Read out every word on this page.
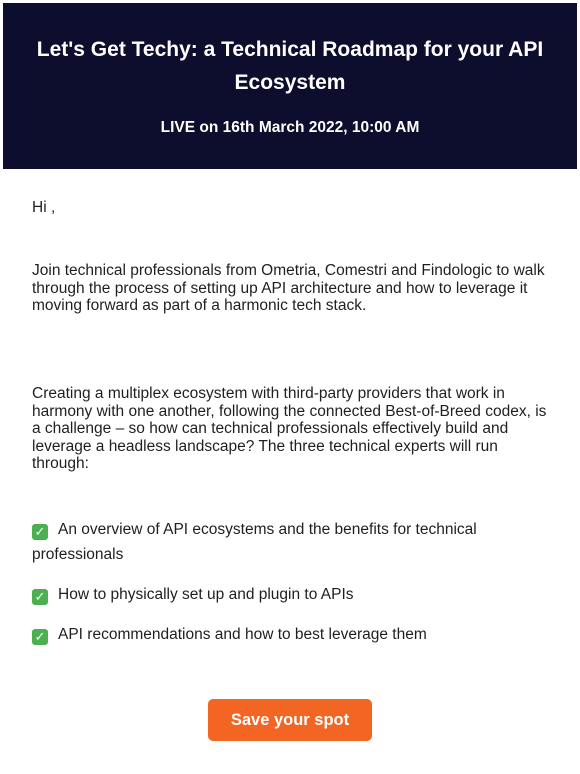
Let's Get Techy: a Technical Roadmap for your API Ecosystem
LIVE on 16th March 2022, 10:00 AM
Hi ,
Join technical professionals from Ometria, Comestri and Findologic to walk through the process of setting up API architecture and how to leverage it moving forward as part of a harmonic tech stack.
Creating a multiplex ecosystem with third-party providers that work in harmony with one another, following the connected Best-of-Breed codex, is a challenge – so how can technical professionals effectively build and leverage a headless landscape? The three technical experts will run through:
✓ An overview of API ecosystems and the benefits for technical professionals
✓ How to physically set up and plugin to APIs
✓ API recommendations and how to best leverage them
Save your spot
